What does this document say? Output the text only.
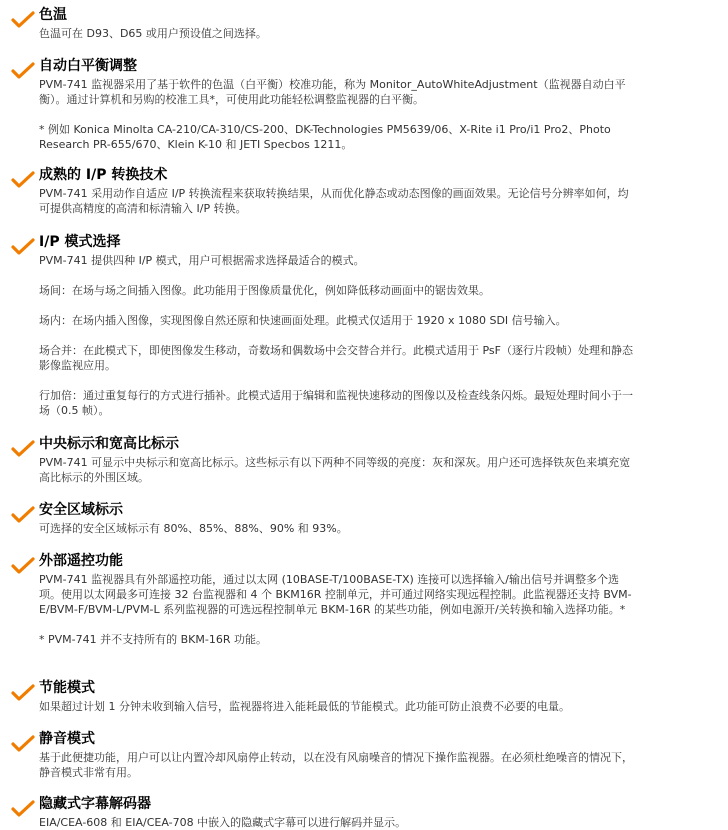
色温

色温可在 D93、D65 或用户预设值之间选择。

自动白平衡调整

PVM-741 监视器采用了基于软件的色温（白平衡）校准功能，称为 Monitor_AutoWhiteAdjustment（监视器自动白平衡）。通过计算机和另购的校准工具*，可使用此功能轻松调整监视器的白平衡。

* 例如 Konica Minolta CA-210/CA-310/CS-200、DK-Technologies PM5639/06、X-Rite i1 Pro/i1 Pro2、Photo Research PR-655/670、Klein K-10 和 JETI Specbos 1211。

成熟的 I/P 转换技术

PVM-741 采用动作自适应 I/P 转换流程来获取转换结果，从而优化静态或动态图像的画面效果。无论信号分辨率如何，均可提供高精度的高清和标清输入 I/P 转换。

I/P 模式选择

PVM-741 提供四种 I/P 模式，用户可根据需求选择最适合的模式。

场间：在场与场之间插入图像。此功能用于图像质量优化，例如降低移动画面中的锯齿效果。

场内：在场内插入图像，实现图像自然还原和快速画面处理。此模式仅适用于 1920 x 1080 SDI 信号输入。

场合并：在此模式下，即使图像发生移动，奇数场和偶数场中会交替合并行。此模式适用于 PsF（逐行片段帧）处理和静态影像监视应用。

行加倍：通过重复每行的方式进行插补。此模式适用于编辑和监视快速移动的图像以及检查线条闪烁。最短处理时间小于一场（0.5 帧）。

中央标示和宽高比标示

PVM-741 可显示中央标示和宽高比标示。这些标示有以下两种不同等级的亮度：灰和深灰。用户还可选择铁灰色来填充宽高比标示的外围区域。

安全区域标示

可选择的安全区域标示有 80%、85%、88%、90% 和 93%。

外部遥控功能

PVM-741 监视器具有外部遥控功能，通过以太网 (10BASE-T/100BASE-TX) 连接可以选择输入/输出信号并调整多个选项。使用以太网最多可连接 32 台监视器和 4 个 BKM16R 控制单元，并可通过网络实现远程控制。此监视器还支持 BVM-E/BVM-F/BVM-L/PVM-L 系列监视器的可选远程控制单元 BKM-16R 的某些功能，例如电源开/关转换和输入选择功能。*

* PVM-741 并不支持所有的 BKM-16R 功能。

节能模式

如果超过计划 1 分钟未收到输入信号，监视器将进入能耗最低的节能模式。此功能可防止浪费不必要的电量。

静音模式

基于此便捷功能，用户可以让内置冷却风扇停止转动，以在没有风扇噪音的情况下操作监视器。在必须杜绝噪音的情况下，静音模式非常有用。

隐藏式字幕解码器

EIA/CEA-608 和 EIA/CEA-708 中嵌入的隐藏式字幕可以进行解码并显示。
